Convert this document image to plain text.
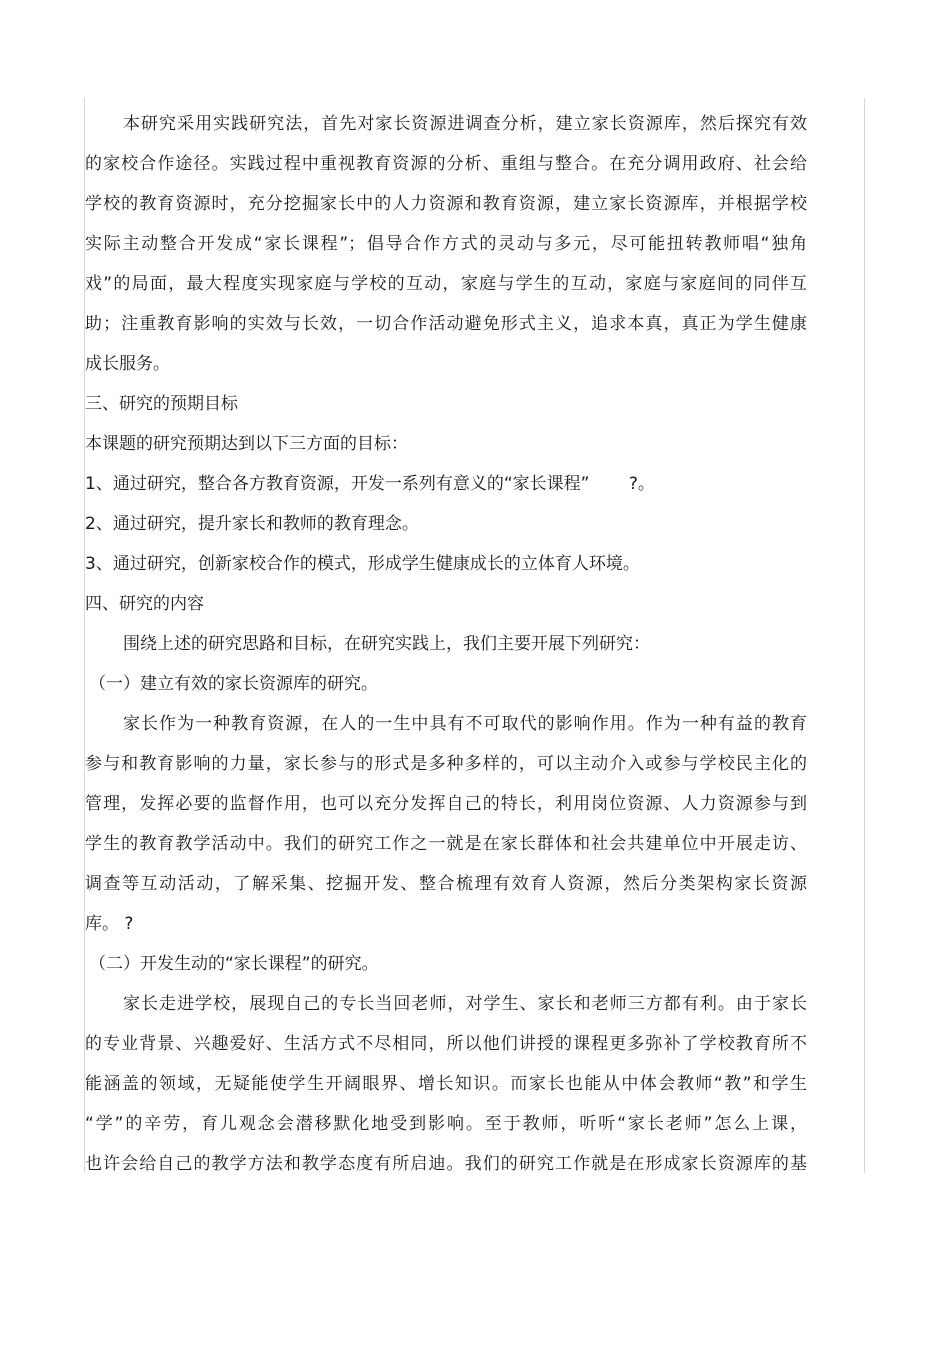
本研究采用实践研究法，首先对家长资源进调查分析，建立家长资源库，然后探究有效
的家校合作途径。实践过程中重视教育资源的分析、重组与整合。在充分调用政府、社会给
学校的教育资源时，充分挖掘家长中的人力资源和教育资源，建立家长资源库，并根据学校
实际主动整合开发成“家长课程”；倡导合作方式的灵动与多元，尽可能扭转教师唱“独角
戏”的局面，最大程度实现家庭与学校的互动，家庭与学生的互动，家庭与家庭间的同伴互
助；注重教育影响的实效与长效，一切合作活动避免形式主义，追求本真，真正为学生健康
成长服务。
三、研究的预期目标
本课题的研究预期达到以下三方面的目标：
1、通过研究，整合各方教育资源，开发一系列有意义的“家长课程”　　 ?。
2、通过研究，提升家长和教师的教育理念。
3、通过研究，创新家校合作的模式，形成学生健康成长的立体育人环境。
四、研究的内容
围绕上述的研究思路和目标，在研究实践上，我们主要开展下列研究：
（一）建立有效的家长资源库的研究。
家长作为一种教育资源，在人的一生中具有不可取代的影响作用。作为一种有益的教育
参与和教育影响的力量，家长参与的形式是多种多样的，可以主动介入或参与学校民主化的
管理，发挥必要的监督作用，也可以充分发挥自己的特长，利用岗位资源、人力资源参与到
学生的教育教学活动中。我们的研究工作之一就是在家长群体和社会共建单位中开展走访、
调查等互动活动，了解采集、挖掘开发、整合梳理有效育人资源，然后分类架构家长资源
库。 ?
（二）开发生动的“家长课程”的研究。
家长走进学校，展现自己的专长当回老师，对学生、家长和老师三方都有利。由于家长
的专业背景、兴趣爱好、生活方式不尽相同，所以他们讲授的课程更多弥补了学校教育所不
能涵盖的领域，无疑能使学生开阔眼界、增长知识。而家长也能从中体会教师“教”和学生
“学”的辛劳，育儿观念会潜移默化地受到影响。至于教师，听听“家长老师”怎么上课，
也许会给自己的教学方法和教学态度有所启迪。我们的研究工作就是在形成家长资源库的基
